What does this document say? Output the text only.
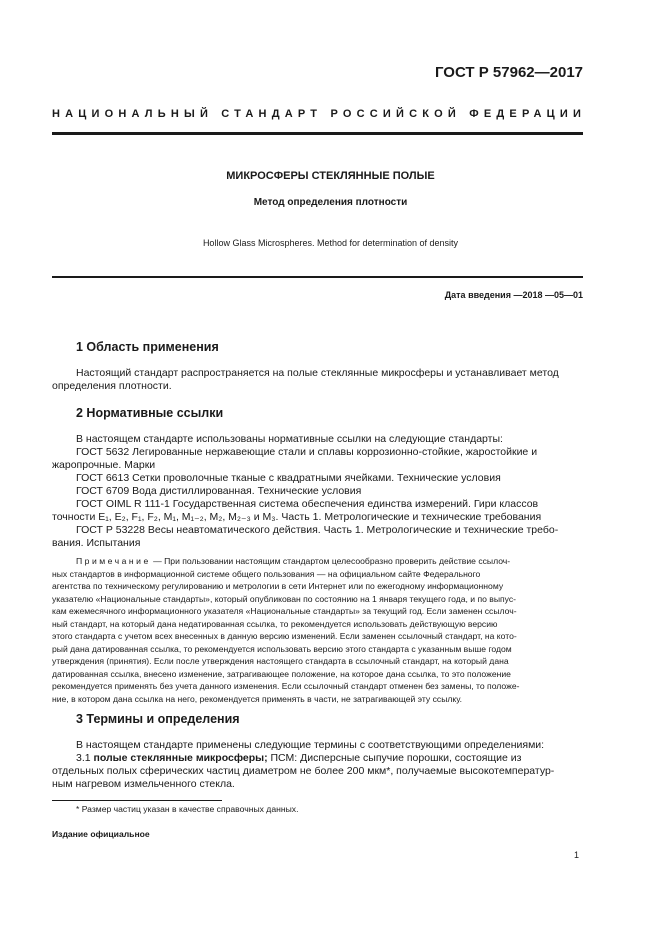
ГОСТ Р 57962—2017
НАЦИОНАЛЬНЫЙ СТАНДАРТ РОССИЙСКОЙ ФЕДЕРАЦИИ
МИКРОСФЕРЫ СТЕКЛЯННЫЕ ПОЛЫЕ
Метод определения плотности
Hollow Glass Microspheres. Method for determination of density
Дата введения —2018 —05—01
1 Область применения
Настоящий стандарт распространяется на полые стеклянные микросферы и устанавливает метод
определения плотности.
2 Нормативные ссылки
В настоящем стандарте использованы нормативные ссылки на следующие стандарты:
ГОСТ 5632 Легированные нержавеющие стали и сплавы коррозионно-стойкие, жаростойкие и
жаропрочные. Марки
ГОСТ 6613 Сетки проволочные тканые с квадратными ячейками. Технические условия
ГОСТ 6709 Вода дистиллированная. Технические условия
ГОСТ OIML R 111-1 Государственная система обеспечения единства измерений. Гири классов
точности E₁, E₂, F₁, F₂, M₁, M₁₋₂, M₂, M₂₋₃ и M₃. Часть 1. Метрологические и технические требования
ГОСТ Р 53228 Весы неавтоматического действия. Часть 1. Метрологические и технические требо-
вания. Испытания
Примечание — При пользовании настоящим стандартом целесообразно проверить действие ссылоч-
ных стандартов в информационной системе общего пользования — на официальном сайте Федерального
агентства по техническому регулированию и метрологии в сети Интернет или по ежегодному информационному
указателю «Национальные стандарты», который опубликован по состоянию на 1 января текущего года, и по выпус-
кам ежемесячного информационного указателя «Национальные стандарты» за текущий год. Если заменен ссылоч-
ный стандарт, на который дана недатированная ссылка, то рекомендуется использовать действующую версию
этого стандарта с учетом всех внесенных в данную версию изменений. Если заменен ссылочный стандарт, на кото-
рый дана датированная ссылка, то рекомендуется использовать версию этого стандарта с указанным выше годом
утверждения (принятия). Если после утверждения настоящего стандарта в ссылочный стандарт, на который дана
датированная ссылка, внесено изменение, затрагивающее положение, на которое дана ссылка, то это положение
рекомендуется применять без учета данного изменения. Если ссылочный стандарт отменен без замены, то положе-
ние, в котором дана ссылка на него, рекомендуется применять в части, не затрагивающей эту ссылку.
3 Термины и определения
В настоящем стандарте применены следующие термины с соответствующими определениями:
3.1 полые стеклянные микросферы; ПСМ: Дисперсные сыпучие порошки, состоящие из
отдельных полых сферических частиц диаметром не более 200 мкм*, получаемые высокотемператур-
ным нагревом измельченного стекла.
* Размер частиц указан в качестве справочных данных.
Издание официальное
1
